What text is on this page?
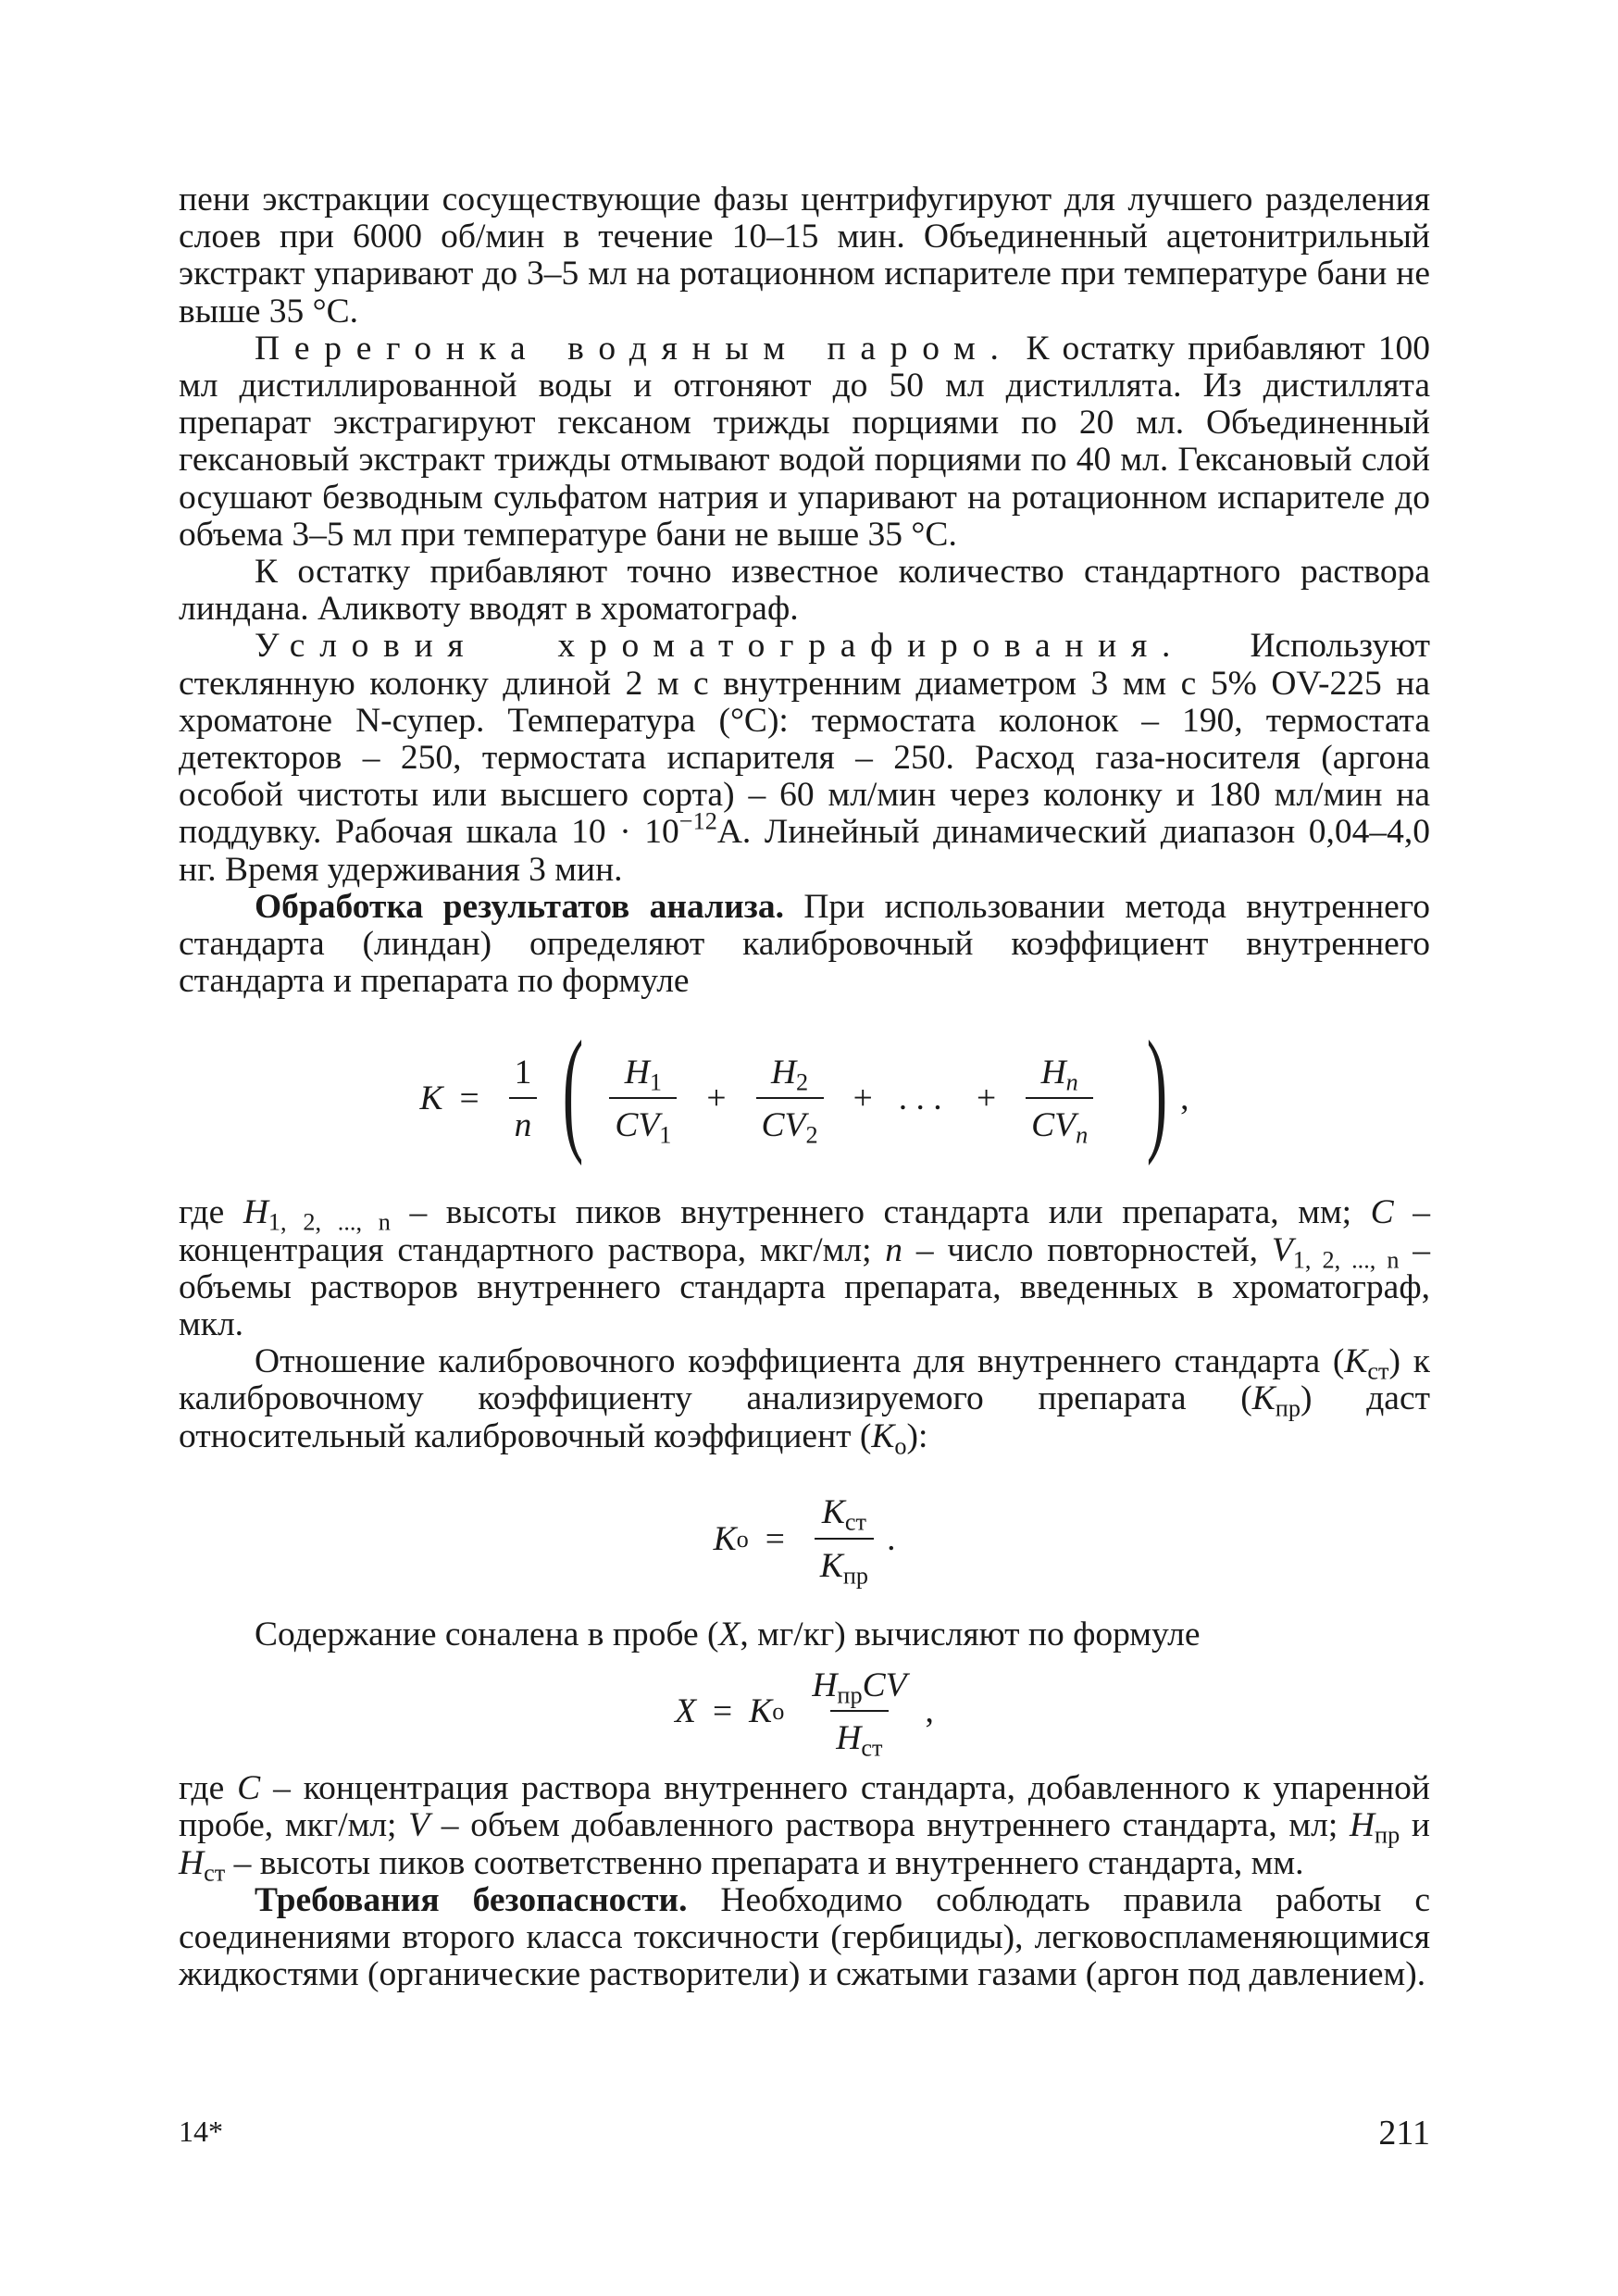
пени экстракции сосуществующие фазы центрифугируют для лучшего разделения слоев при 6000 об/мин в течение 10–15 мин. Объединенный ацетонитрильный экстракт упаривают до 3–5 мл на ротационном испарителе при температуре бани не выше 35 °С.

Перегонка водяным паром. К остатку прибавляют 100 мл дистиллированной воды и отгоняют до 50 мл дистиллята. Из дистиллята препарат экстрагируют гексаном трижды порциями по 20 мл. Объединенный гексановый экстракт трижды отмывают водой порциями по 40 мл. Гексановый слой осушают безводным сульфатом натрия и упаривают на ротационном испарителе до объема 3–5 мл при температуре бани не выше 35 °С.

К остатку прибавляют точно известное количество стандартного раствора линдана. Аликвоту вводят в хроматограф.

Условия хроматографирования. Используют стеклянную колонку длиной 2 м с внутренним диаметром 3 мм с 5% OV-225 на хроматоне N-супер. Температура (°С): термостата колонок – 190, термостата детекторов – 250, термостата испарителя – 250. Расход газа-носителя (аргона особой чистоты или высшего сорта) – 60 мл/мин через колонку и 180 мл/мин на поддувку. Рабочая шкала $10 \cdot 10^{-12}А$. Линейный динамический диапазон 0,04–4,0 нг. Время удерживания 3 мин.

Обработка результатов анализа. При использовании метода внутреннего стандарта (линдан) определяют калибровочный коэффициент внутреннего стандарта и препарата по формуле

$K = \frac{1}{n}$ ( $\frac{H_1}{CV_1} + \frac{H_2}{CV_2}$ + ... + $\frac{H_n}{CV_n}$ ) ,

где $H_{1, 2, ..., n}$ – высоты пиков внутреннего стандарта или препарата, мм; C – концентрация стандартного раствора, мкг/мл; n – число повторностей, $V_{1, 2, ..., n}$ – объемы растворов внутреннего стандарта препарата, введенных в хроматограф, мкл.

Отношение калибровочного коэффициента для внутреннего стандарта $(K_{ст})$ к калибровочному коэффициенту анализируемого препарата $(K_{пр})$ даст относительный калибровочный коэффициент $(K_о)$:

K $о = \frac{K_{ст}}{K_{пр}}$ .

Содержание соналена в пробе (X, мг/кг) вычисляют по формуле

X = K о $\frac{H_{пр}CV}{H_{ст}}$ ,

где C – концентрация раствора внутреннего стандарта, добавленного к упаренной пробе, мкг/мл; V – объем добавленного раствора внутреннего стандарта, мл; $H_{пр}$ и $H_{ст}$ – высоты пиков соответственно препарата и внутреннего стандарта, мм.

Требования безопасности. Необходимо соблюдать правила работы с соединениями второго класса токсичности (гербициды), легковоспламеняющимися жидкостями (органические растворители) и сжатыми газами (аргон под давлением).

14*	211
